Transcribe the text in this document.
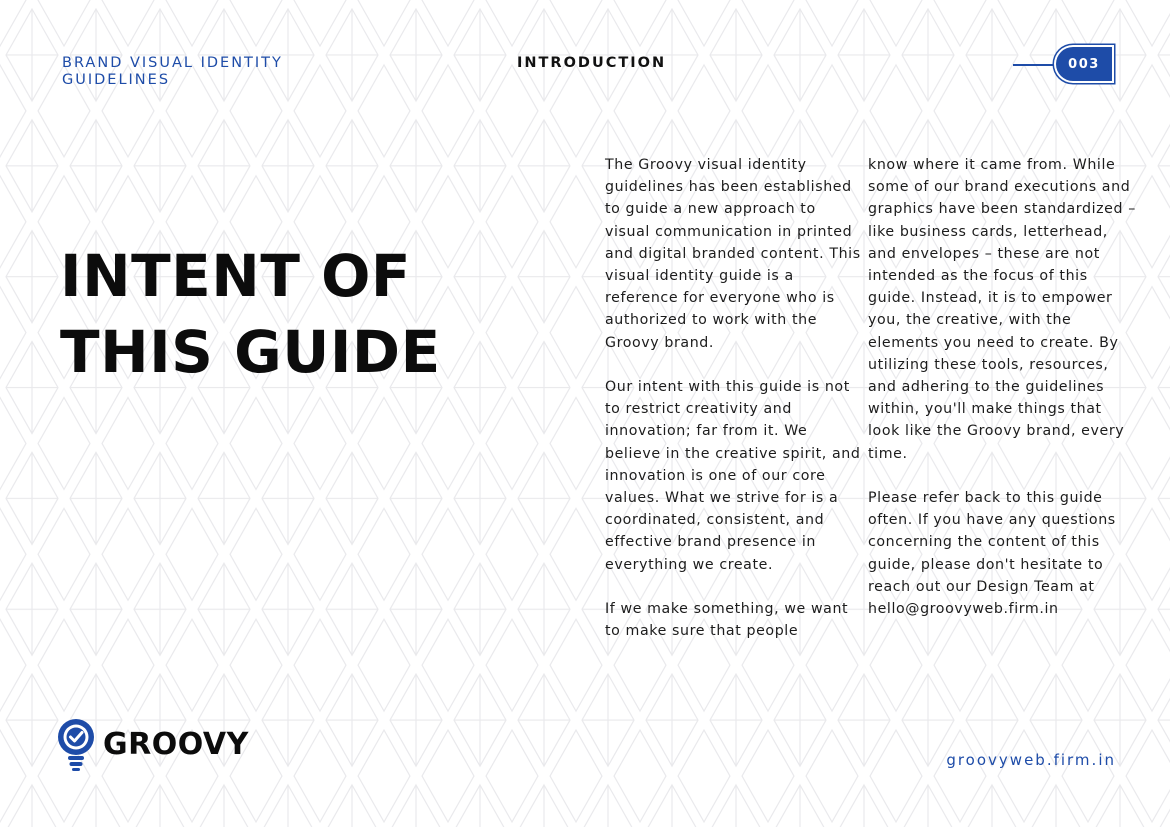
BRAND VISUAL IDENTITY GUIDELINES
INTRODUCTION	003
INTENT OF THIS GUIDE

The Groovy visual identity guidelines has been established to guide a new approach to visual communication in printed and digital branded content. This visual identity guide is a reference for everyone who is authorized to work with the Groovy brand.

Our intent with this guide is not to restrict creativity and innovation; far from it. We believe in the creative spirit, and innovation is one of our core values. What we strive for is a coordinated, consistent, and effective brand presence in everything we create.

If we make something, we want to make sure that people

know where it came from. While some of our brand executions and graphics have been standardized – like business cards, letterhead, and envelopes – these are not intended as the focus of this guide. Instead, it is to empower you, the creative, with the elements you need to create. By utilizing these tools, resources, and adhering to the guidelines within, you'll make things that look like the Groovy brand, every time.

Please refer back to this guide often. If you have any questions concerning the content of this guide, please don't hesitate to reach out our Design Team at hello@groovyweb.firm.in

GROOVY	groovyweb.firm.in
